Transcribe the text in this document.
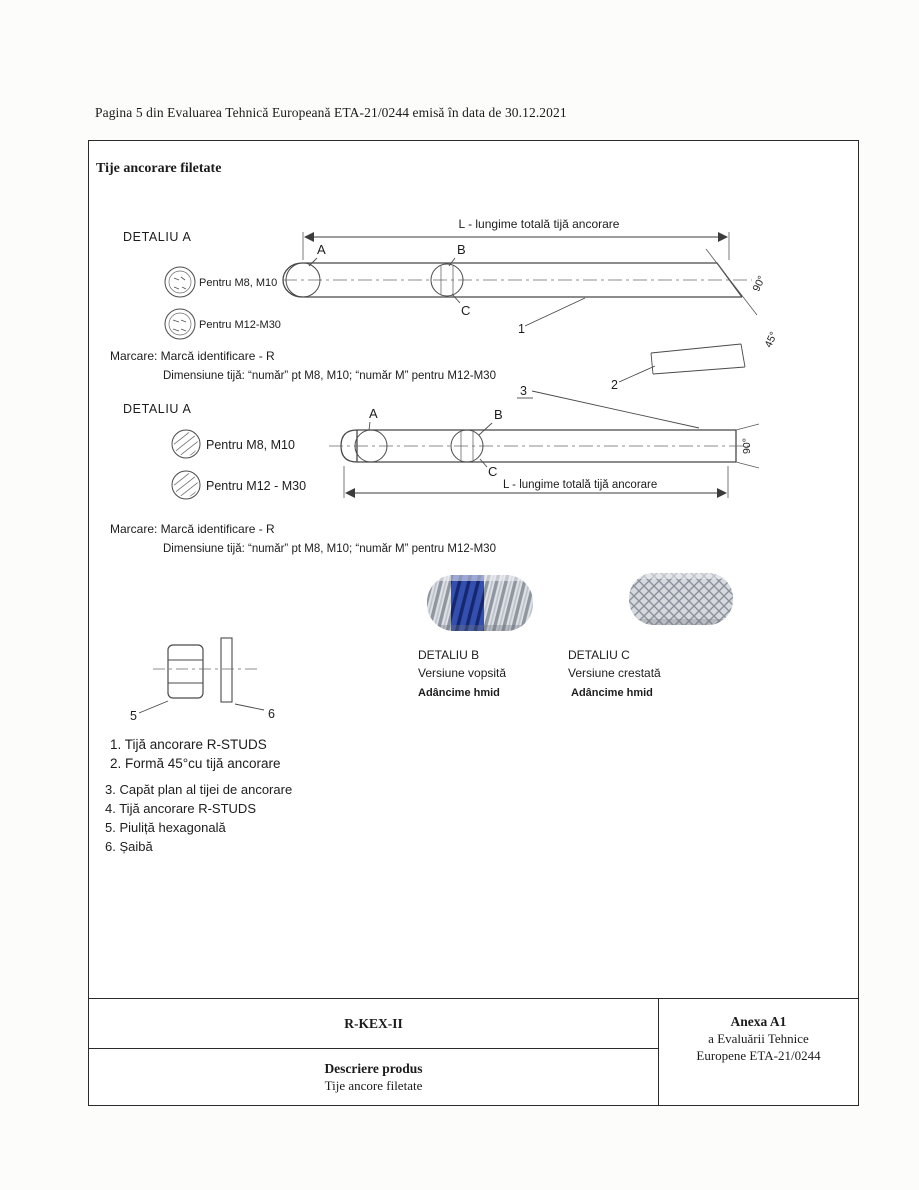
Pagina 5 din Evaluarea Tehnică Europeană ETA-21/0244 emisă în data de 30.12.2021
Tije ancorare filetate
DETALIU A
L - lungime totală tijă ancorare
A	B
C
Pentru M8, M10
Pentru M12-M30	1
2
90°
45°
Marcare: Marcă identificare - R
Dimensiune tijă: “număr” pt M8, M10; “număr M” pentru M12-M30
3
DETALIU A
Pentru M8, M10
Pentru M12 - M30
A	B
C
90°
L - lungime totală tijă ancorare
Marcare: Marcă identificare - R
Dimensiune tijă: “număr” pt M8, M10; “număr M” pentru M12-M30
DETALIU B
Versiune vopsită
Adâncime hmid
DETALIU C
Versiune crestată
Adâncime hmid
5	6
1. Tijă ancorare R-STUDS
2. Formă 45°cu tijă ancorare
3. Capăt plan al tijei de ancorare
4. Tijă ancorare R-STUDS
5. Piuliță hexagonală
6. Șaibă
R-KEX-II
Descriere produs
Tije ancore filetate
Anexa A1
a Evaluării Tehnice
Europene ETA-21/0244
